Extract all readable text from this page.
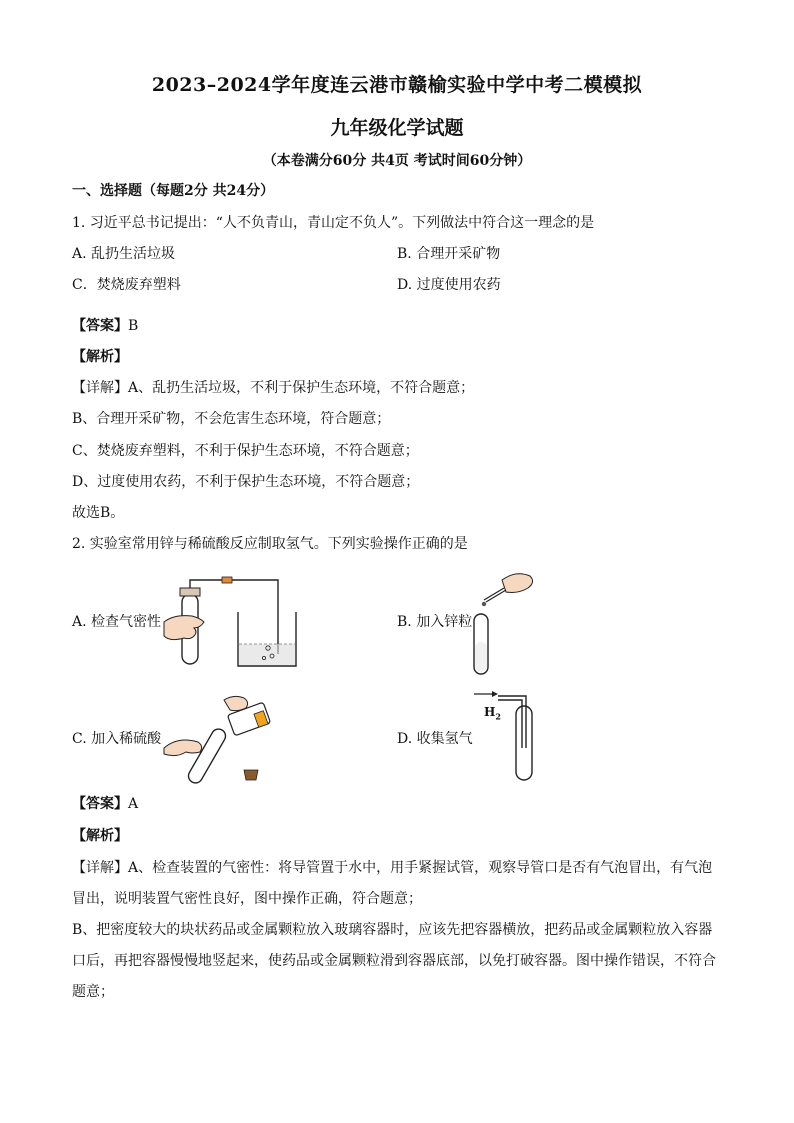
2023–2024学年度连云港市赣榆实验中学中考二模模拟
九年级化学试题
（本卷满分60分 共4页 考试时间60分钟）
一、选择题（每题2分 共24分）
1. 习近平总书记提出：“人不负青山，青山定不负人”。下列做法中符合这一理念的是
A. 乱扔生活垃圾	B. 合理开采矿物
C．焚烧废弃塑料	D. 过度使用农药
【答案】B
【解析】
【详解】A、乱扔生活垃圾，不利于保护生态环境，不符合题意；
B、合理开采矿物，不会危害生态环境，符合题意；
C、焚烧废弃塑料，不利于保护生态环境，不符合题意；
D、过度使用农药，不利于保护生态环境，不符合题意；
故选B。
2. 实验室常用锌与稀硫酸反应制取氢气。下列实验操作正确的是
A. 检查气密性	B. 加入锌粒
C. 加入稀硫酸	D. 收集氢气
$H_2$
【答案】A
【解析】
【详解】A、检查装置的气密性：将导管置于水中，用手紧握试管，观察导管口是否有气泡冒出，有气泡冒出，说明装置气密性良好，图中操作正确，符合题意；
B、把密度较大的块状药品或金属颗粒放入玻璃容器时，应该先把容器横放，把药品或金属颗粒放入容器口后，再把容器慢慢地竖起来，使药品或金属颗粒滑到容器底部，以免打破容器。图中操作错误，不符合题意；
